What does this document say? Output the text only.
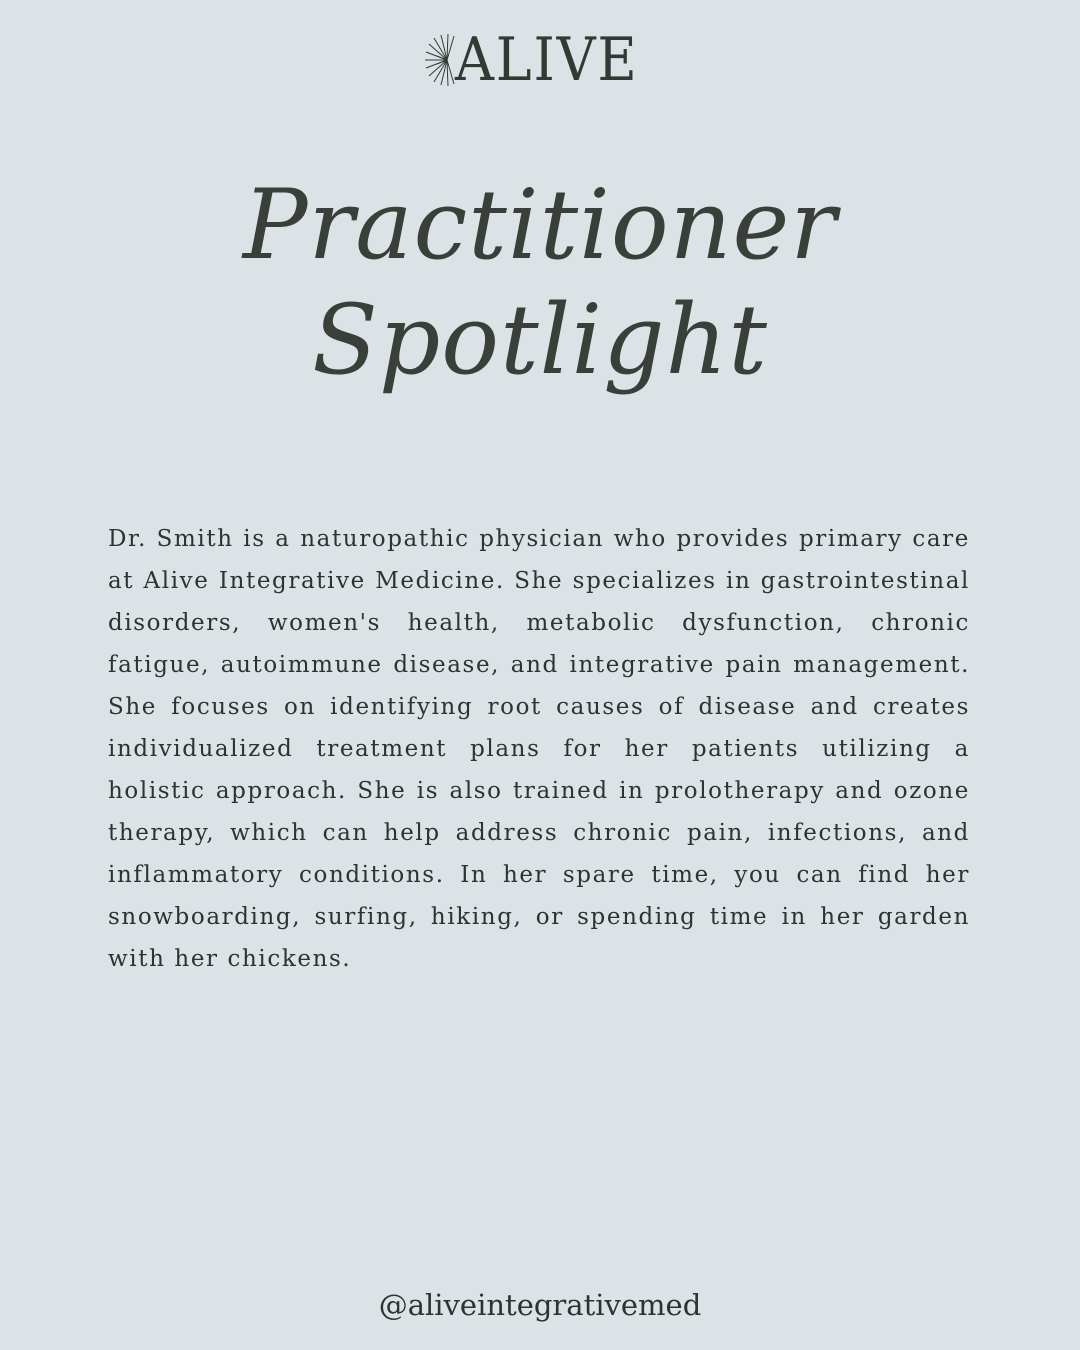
ALIVE
Practitioner Spotlight

Dr. Smith is a naturopathic physician who provides primary care at Alive Integrative Medicine. She specializes in gastrointestinal disorders, women's health, metabolic dysfunction, chronic fatigue, autoimmune disease, and integrative pain management. She focuses on identifying root causes of disease and creates individualized treatment plans for her patients utilizing a holistic approach. She is also trained in prolotherapy and ozone therapy, which can help address chronic pain, infections, and inflammatory conditions. In her spare time, you can find her snowboarding, surfing, hiking, or spending time in her garden with her chickens.

@aliveintegrativemed
